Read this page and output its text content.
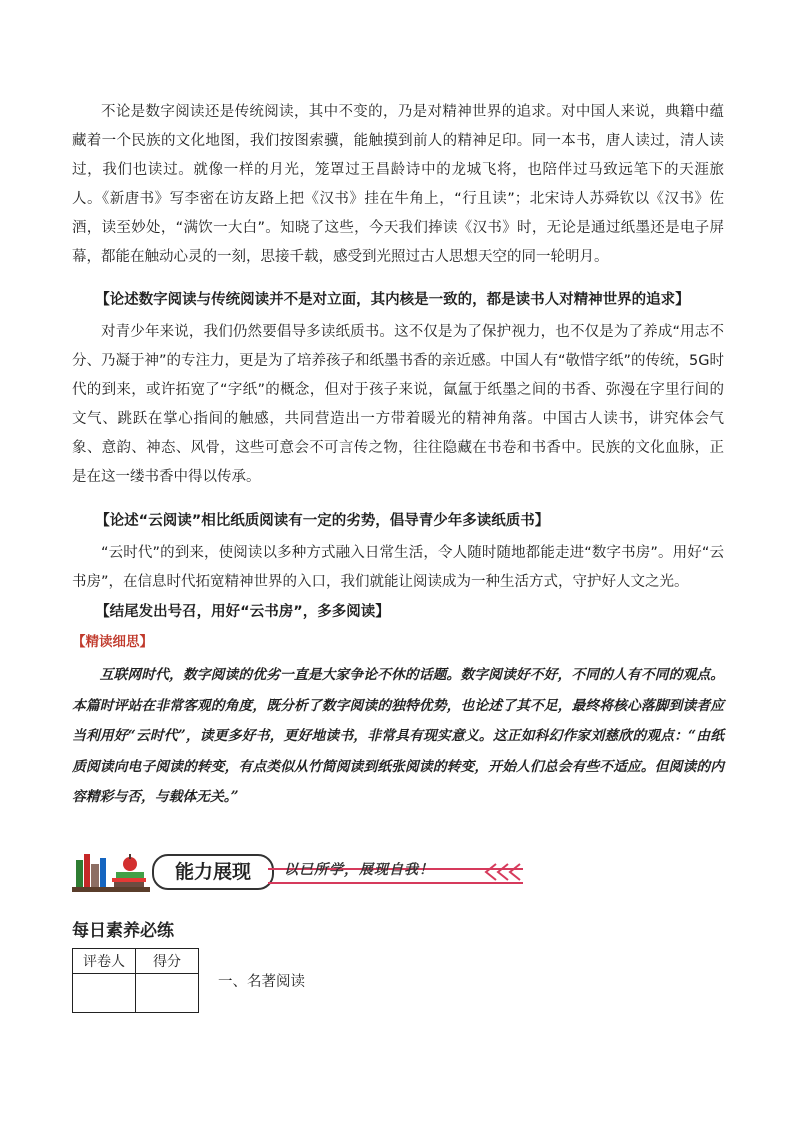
不论是数字阅读还是传统阅读，其中不变的，乃是对精神世界的追求。对中国人来说，典籍中蕴藏着一个民族的文化地图，我们按图索骥，能触摸到前人的精神足印。同一本书，唐人读过，清人读过，我们也读过。就像一样的月光，笼罩过王昌龄诗中的龙城飞将，也陪伴过马致远笔下的天涯旅人。《新唐书》写李密在访友路上把《汉书》挂在牛角上，“行且读”；北宋诗人苏舜钦以《汉书》佐酒，读至妙处，“满饮一大白”。知晓了这些，今天我们捧读《汉书》时，无论是通过纸墨还是电子屏幕，都能在触动心灵的一刻，思接千载，感受到光照过古人思想天空的同一轮明月。

【论述数字阅读与传统阅读并不是对立面，其内核是一致的，都是读书人对精神世界的追求】

对青少年来说，我们仍然要倡导多读纸质书。这不仅是为了保护视力，也不仅是为了养成“用志不分、乃凝于神”的专注力，更是为了培养孩子和纸墨书香的亲近感。中国人有“敬惜字纸”的传统，5G时代的到来，或许拓宽了“字纸”的概念，但对于孩子来说，氤氲于纸墨之间的书香、弥漫在字里行间的文气、跳跃在掌心指间的触感，共同营造出一方带着暖光的精神角落。中国古人读书，讲究体会气象、意韵、神态、风骨，这些可意会不可言传之物，往往隐藏在书卷和书香中。民族的文化血脉，正是在这一缕书香中得以传承。

【论述“云阅读”相比纸质阅读有一定的劣势，倡导青少年多读纸质书】

“云时代”的到来，使阅读以多种方式融入日常生活，令人随时随地都能走进“数字书房”。用好“云书房”，在信息时代拓宽精神世界的入口，我们就能让阅读成为一种生活方式，守护好人文之光。

【结尾发出号召，用好“云书房”，多多阅读】

【精读细思】

互联网时代，数字阅读的优劣一直是大家争论不休的话题。数字阅读好不好，不同的人有不同的观点。本篇时评站在非常客观的角度，既分析了数字阅读的独特优势，也论述了其不足，最终将核心落脚到读者应当利用好“云时代”，读更多好书，更好地读书，非常具有现实意义。这正如科幻作家刘慈欣的观点：“由纸质阅读向电子阅读的转变，有点类似从竹简阅读到纸张阅读的转变，开始人们总会有些不适应。但阅读的内容精彩与否，与载体无关。”

能力展现	以已所学，展现自我！
每日素养必练
评卷人	得分

一、名著阅读
